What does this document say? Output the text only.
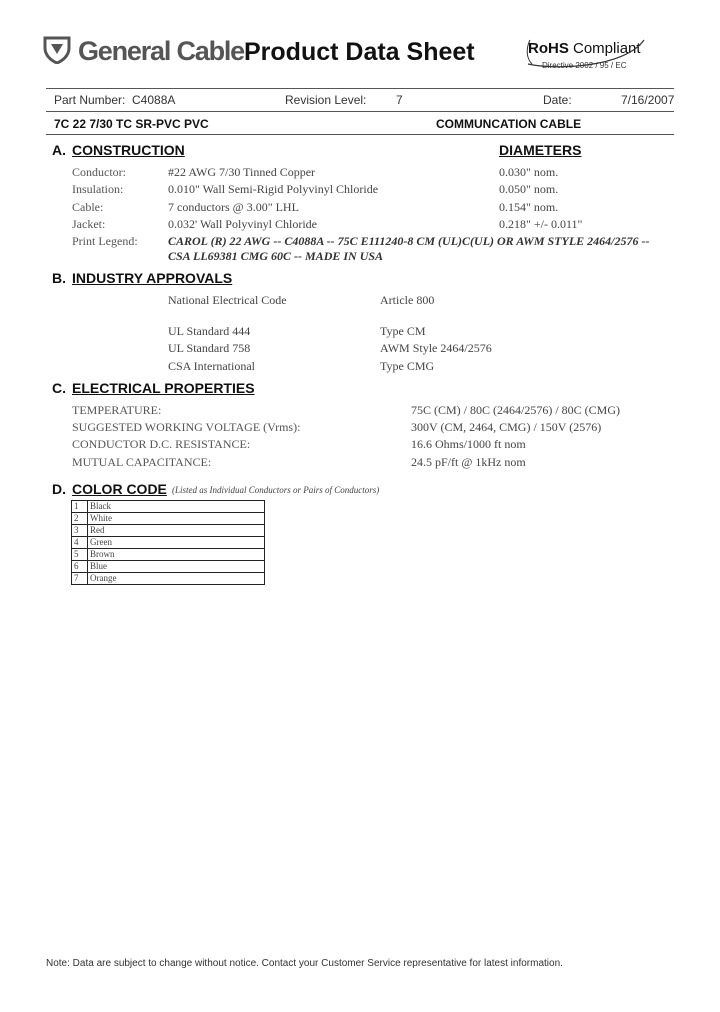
General Cable Product Data Sheet	RoHS Compliant
Directive 2002 / 95 / EC
Part Number: C4088A	Revision Level: 7	Date:	7/16/2007
7C 22 7/30 TC SR-PVC PVC	COMMUNCATION CABLE
A. CONSTRUCTION	DIAMETERS
Conductor:	#22 AWG 7/30 Tinned Copper	0.030" nom.
Insulation:	0.010" Wall Semi-Rigid Polyvinyl Chloride	0.050" nom.
Cable:	7 conductors @ 3.00" LHL	0.154" nom.
Jacket:	0.032' Wall Polyvinyl Chloride	0.218" +/- 0.011"
Print Legend:	CAROL (R) 22 AWG -- C4088A -- 75C E111240-8 CM (UL)C(UL) OR AWM STYLE 2464/2576 --
CSA LL69381 CMG 60C -- MADE IN USA
B. INDUSTRY APPROVALS
National Electrical Code	Article 800
UL Standard 444	Type CM
UL Standard 758	AWM Style 2464/2576
CSA International	Type CMG
C. ELECTRICAL PROPERTIES
TEMPERATURE:	75C (CM) / 80C (2464/2576) / 80C (CMG)
SUGGESTED WORKING VOLTAGE (Vrms):	300V (CM, 2464, CMG) / 150V (2576)
CONDUCTOR D.C. RESISTANCE:	16.6 Ohms/1000 ft nom
MUTUAL CAPACITANCE:	24.5 pF/ft @ 1kHz nom
D. COLOR CODE (Listed as Individual Conductors or Pairs of Conductors)
1	Black
2	White
3	Red
4	Green
5	Brown
6	Blue
7	Orange
Note: Data are subject to change without notice. Contact your Customer Service representative for latest information.
